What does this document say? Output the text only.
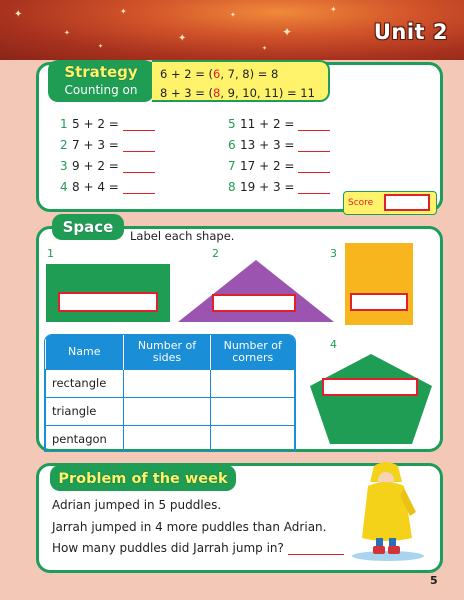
✦
✦
✦
✦
✦
✦
✦
✦	✦
Unit 2
Strategy
Counting on
6 + 2 = (6, 7, 8) = 8
8 + 3 = (8, 9, 10, 11) = 11
1 5 + 2 =
2 7 + 3 =
3 9 + 2 =
4 8 + 4 =
5 11 + 2 =
6 13 + 3 =
7 17 + 2 =
8 19 + 3 =
Score
Space	Label each shape.
1	2	3
4
Name	Number of sides	Number of corners
rectangle		
triangle		
pentagon		
Problem of the week
Adrian jumped in 5 puddles.
Jarrah jumped in 4 more puddles than Adrian.
How many puddles did Jarrah jump in?
5
